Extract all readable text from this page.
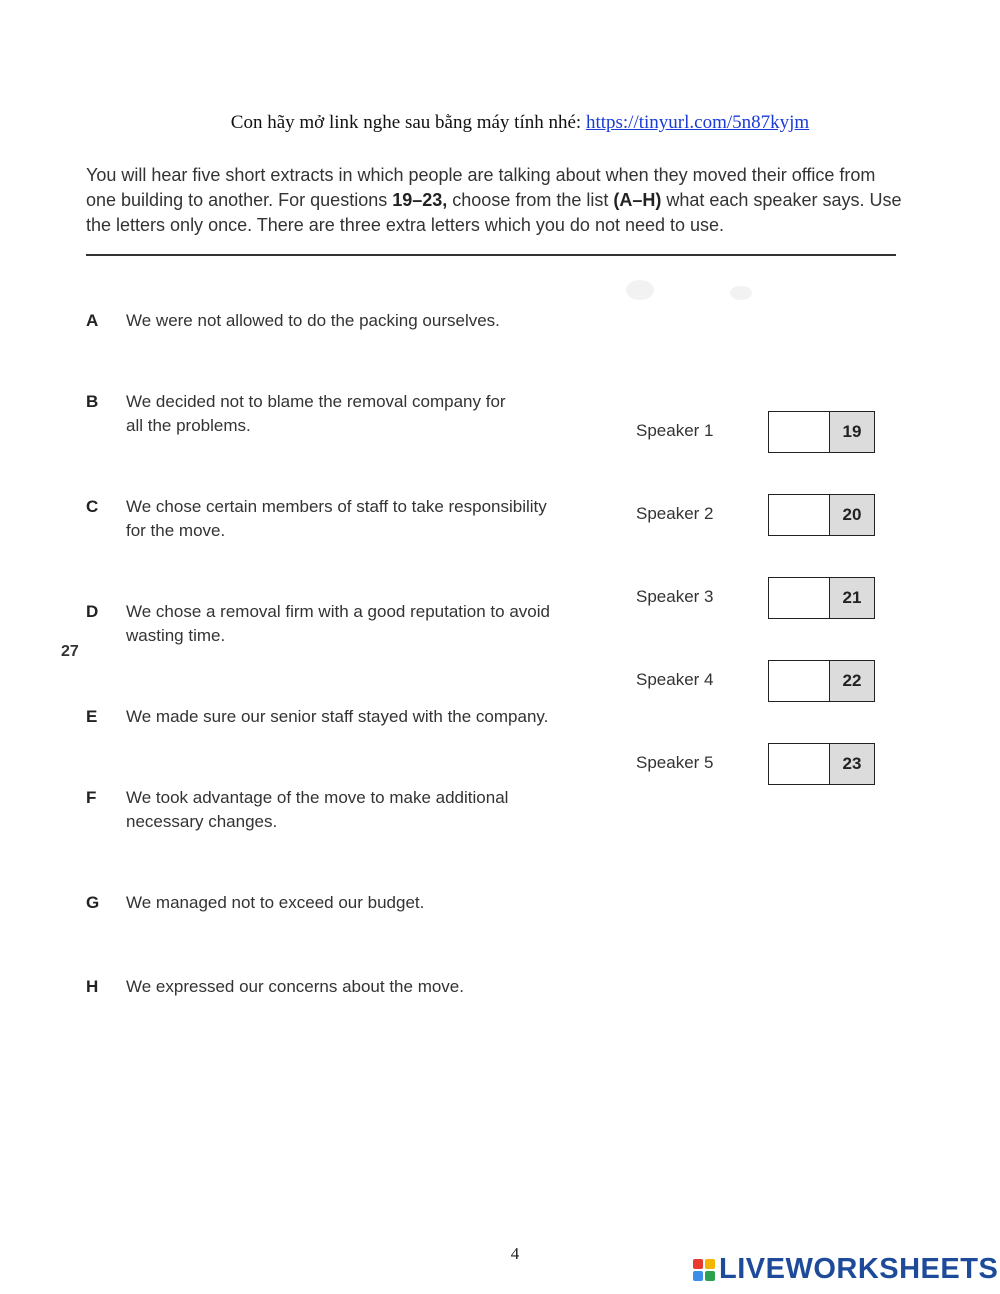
Con hãy mở link nghe sau bằng máy tính nhé: https://tinyurl.com/5n87kyjm
You will hear five short extracts in which people are talking about when they moved their office from one building to another. For questions 19–23, choose from the list (A–H) what each speaker says. Use the letters only once. There are three extra letters which you do not need to use.
A	We were not allowed to do the packing ourselves.
B	We decided not to blame the removal company for
all the problems.
C	We chose certain members of staff to take responsibility
for the move.
D	We chose a removal firm with a good reputation to avoid
wasting time.
E	We made sure our senior staff stayed with the company.
F	We took advantage of the move to make additional
necessary changes.
G	We managed not to exceed our budget.
H	We expressed our concerns about the move.
27
Speaker 1	19
Speaker 2	20
Speaker 3	21
Speaker 4	22
Speaker 5	23
4	LIVEWORKSHEETS
